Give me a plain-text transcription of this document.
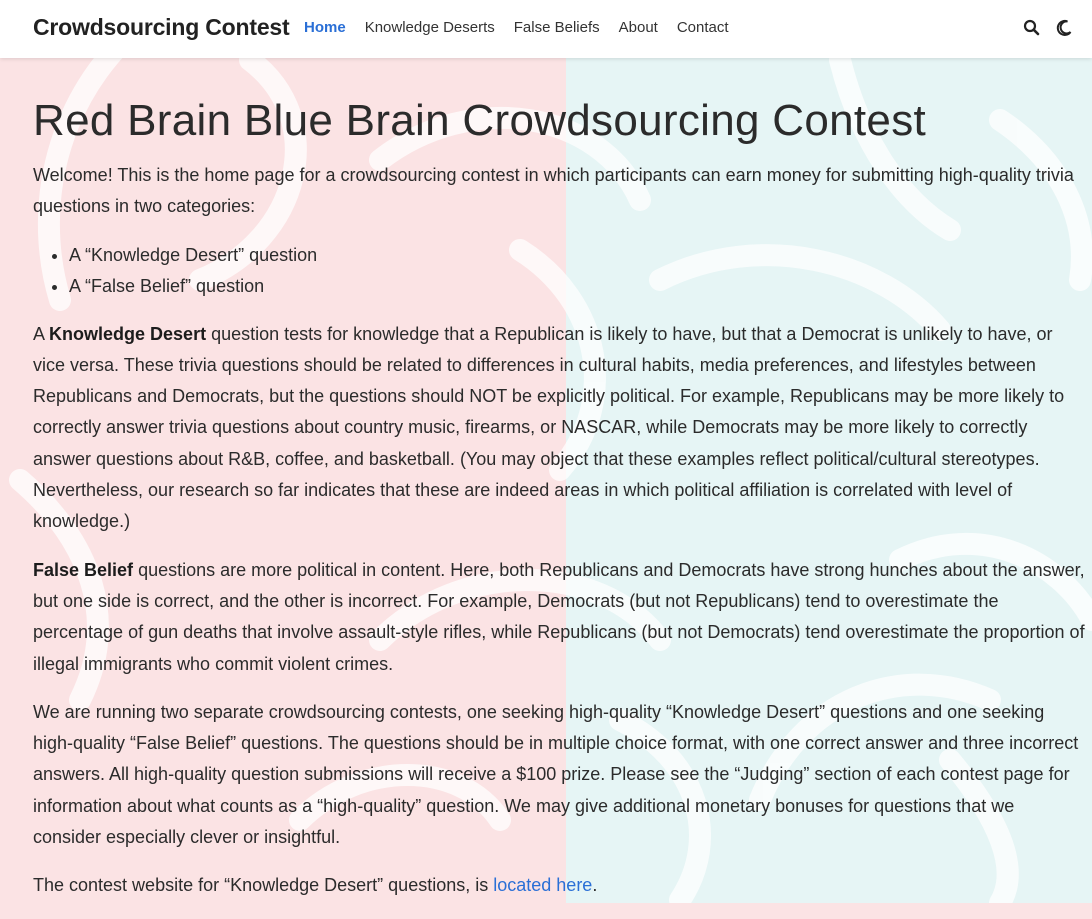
Crowdsourcing Contest Home Knowledge Deserts False Beliefs About Contact
Red Brain Blue Brain Crowdsourcing Contest

Welcome! This is the home page for a crowdsourcing contest in which participants can earn money for submitting high-quality trivia questions in two categories:

• A “Knowledge Desert” question
• A “False Belief” question

A Knowledge Desert question tests for knowledge that a Republican is likely to have, but that a Democrat is unlikely to have, or vice versa. These trivia questions should be related to differences in cultural habits, media preferences, and lifestyles between Republicans and Democrats, but the questions should NOT be explicitly political. For example, Republicans may be more likely to correctly answer trivia questions about country music, firearms, or NASCAR, while Democrats may be more likely to correctly answer questions about R&B, coffee, and basketball. (You may object that these examples reflect political/cultural stereotypes. Nevertheless, our research so far indicates that these are indeed areas in which political affiliation is correlated with level of knowledge.)

False Belief questions are more political in content. Here, both Republicans and Democrats have strong hunches about the answer, but one side is correct, and the other is incorrect. For example, Democrats (but not Republicans) tend to overestimate the percentage of gun deaths that involve assault-style rifles, while Republicans (but not Democrats) tend overestimate the proportion of illegal immigrants who commit violent crimes.

We are running two separate crowdsourcing contests, one seeking high-quality “Knowledge Desert” questions and one seeking high-quality “False Belief” questions. The questions should be in multiple choice format, with one correct answer and three incorrect answers. All high-quality question submissions will receive a $100 prize. Please see the “Judging” section of each contest page for information about what counts as a “high-quality” question. We may give additional monetary bonuses for questions that we consider especially clever or insightful.

The contest website for “Knowledge Desert” questions, is located here.
